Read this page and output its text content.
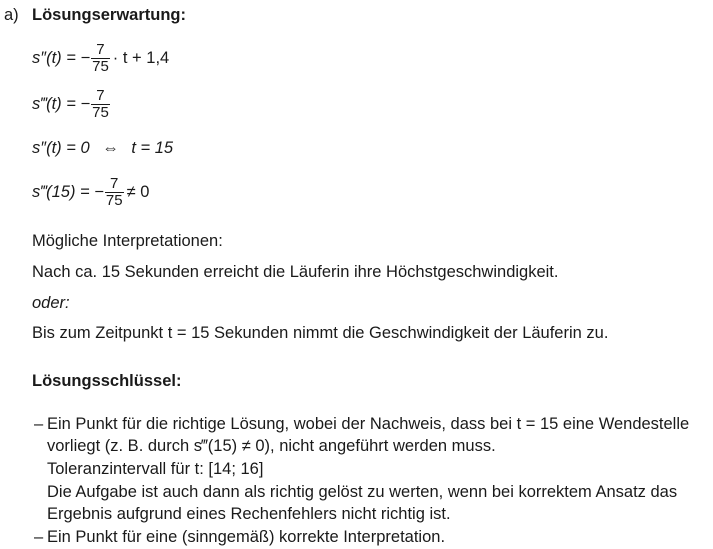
a) Lösungserwartung:
s″(t) = − $\frac{7}{75} \cdot t + 1,4$
s‴(t) = − $\frac{7}{75}$
s″(t) = 0 ⇔ t = 15
s‴(15) = − $\frac{7}{75} \ne 0$
Mögliche Interpretationen:
Nach ca. 15 Sekunden erreicht die Läuferin ihre Höchstgeschwindigkeit.
oder:
Bis zum Zeitpunkt t = 15 Sekunden nimmt die Geschwindigkeit der Läuferin zu.
Lösungsschlüssel:
– Ein Punkt für die richtige Lösung, wobei der Nachweis, dass bei t = 15 eine Wendestelle
vorliegt (z. B. durch s‴(15) ≠ 0), nicht angeführt werden muss.
Toleranzintervall für t: [14; 16]
Die Aufgabe ist auch dann als richtig gelöst zu werten, wenn bei korrektem Ansatz das
Ergebnis aufgrund eines Rechenfehlers nicht richtig ist.
– Ein Punkt für eine (sinngemäß) korrekte Interpretation.
